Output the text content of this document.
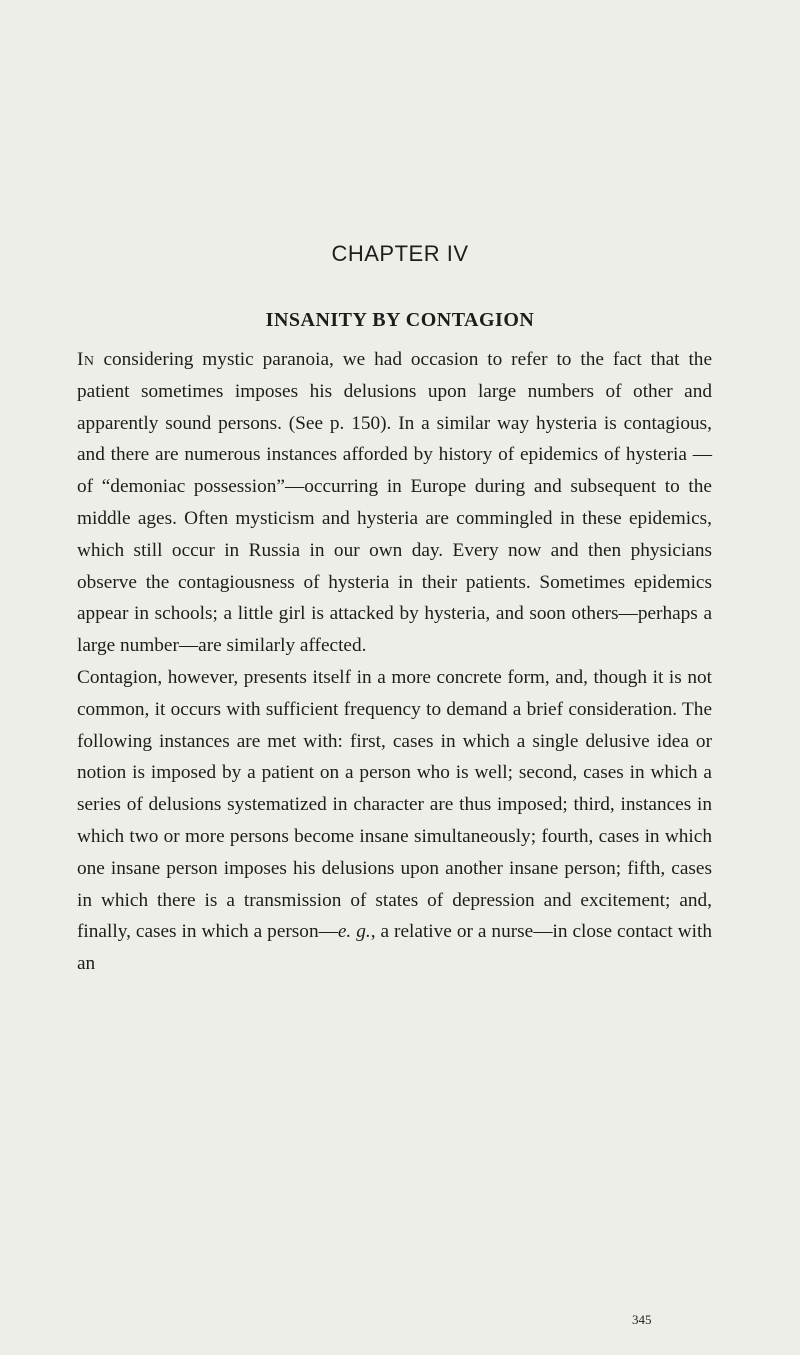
CHAPTER IV
INSANITY BY CONTAGION

In considering mystic paranoia, we had occasion to refer to the fact that the patient sometimes imposes his delusions upon large numbers of other and apparently sound persons. (See p. 150). In a similar way hysteria is contagious, and there are numerous instances afforded by history of epidemics of hysteria —of “demoniac possession”—occurring in Europe during and subsequent to the middle ages. Often mysticism and hysteria are commingled in these epidemics, which still occur in Russia in our own day. Every now and then physicians observe the contagiousness of hysteria in their patients. Sometimes epidemics appear in schools; a little girl is attacked by hysteria, and soon others—perhaps a large number—are similarly affected.

Contagion, however, presents itself in a more concrete form, and, though it is not common, it occurs with sufficient frequency to demand a brief consideration. The following instances are met with: first, cases in which a single delusive idea or notion is imposed by a patient on a person who is well; second, cases in which a series of delusions systematized in character are thus imposed; third, instances in which two or more persons become insane simultaneously; fourth, cases in which one insane person imposes his delusions upon another insane person; fifth, cases in which there is a transmission of states of depression and excitement; and, finally, cases in which a person—e. g., a relative or a nurse—in close contact with an

345
